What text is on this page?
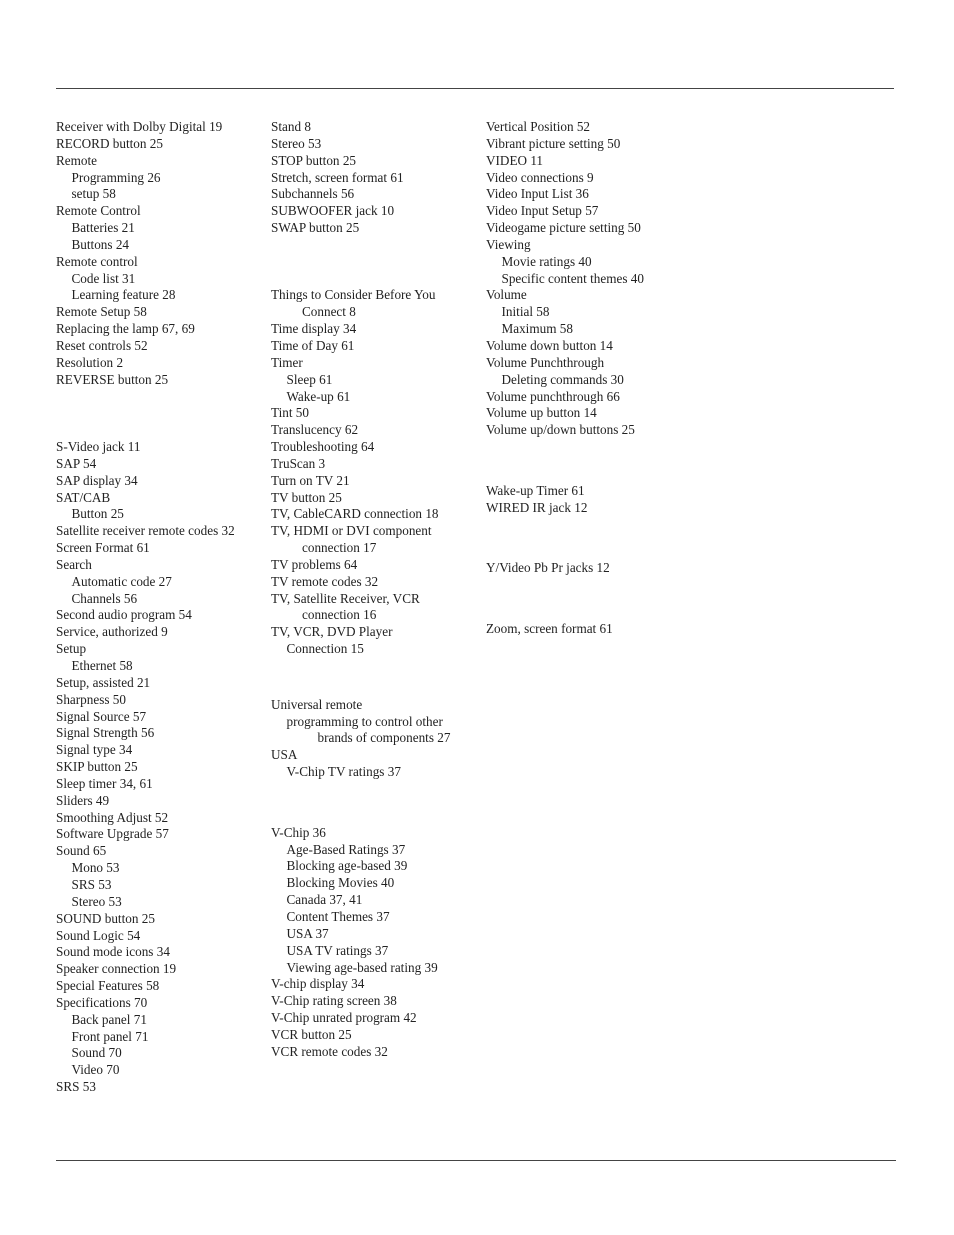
Receiver with Dolby Digital 19
RECORD button 25
Remote
Programming 26
setup 58
Remote Control
Batteries 21
Buttons 24
Remote control
Code list 31
Learning feature 28
Remote Setup 58
Replacing the lamp 67, 69
Reset controls 52
Resolution 2
REVERSE button 25
S-Video jack 11
SAP 54
SAP display 34
SAT/CAB
Button 25
Satellite receiver remote codes 32
Screen Format 61
Search
Automatic code 27
Channels 56
Second audio program 54
Service, authorized 9
Setup
Ethernet 58
Setup, assisted 21
Sharpness 50
Signal Source 57
Signal Strength 56
Signal type 34
SKIP button 25
Sleep timer 34, 61
Sliders 49
Smoothing Adjust 52
Software Upgrade 57
Sound 65
Mono 53
SRS 53
Stereo 53
SOUND button 25
Sound Logic 54
Sound mode icons 34
Speaker connection 19
Special Features 58
Specifications 70
Back panel 71
Front panel 71
Sound 70
Video 70
SRS 53
Stand 8
Stereo 53
STOP button 25
Stretch, screen format 61
Subchannels 56
SUBWOOFER jack 10
SWAP button 25
Things to Consider Before You Connect 8
Time display 34
Time of Day 61
Timer
Sleep 61
Wake-up 61
Tint 50
Translucency 62
Troubleshooting 64
TruScan 3
Turn on TV 21
TV button 25
TV, CableCARD connection 18
TV, HDMI or DVI component connection 17
TV problems 64
TV remote codes 32
TV, Satellite Receiver, VCR connection 16
TV, VCR, DVD Player
Connection 15
Universal remote
programming to control other brands of components 27
USA
V-Chip TV ratings 37
V-Chip 36
Age-Based Ratings 37
Blocking age-based 39
Blocking Movies 40
Canada 37, 41
Content Themes 37
USA 37
USA TV ratings 37
Viewing age-based rating 39
V-chip display 34
V-Chip rating screen 38
V-Chip unrated program 42
VCR button 25
VCR remote codes 32
Vertical Position 52
Vibrant picture setting 50
VIDEO 11
Video connections 9
Video Input List 36
Video Input Setup 57
Videogame picture setting 50
Viewing
Movie ratings 40
Specific content themes 40
Volume
Initial 58
Maximum 58
Volume down button 14
Volume Punchthrough
Deleting commands 30
Volume punchthrough 66
Volume up button 14
Volume up/down buttons 25
Wake-up Timer 61
WIRED IR jack 12
Y/Video Pb Pr jacks 12
Zoom, screen format 61
